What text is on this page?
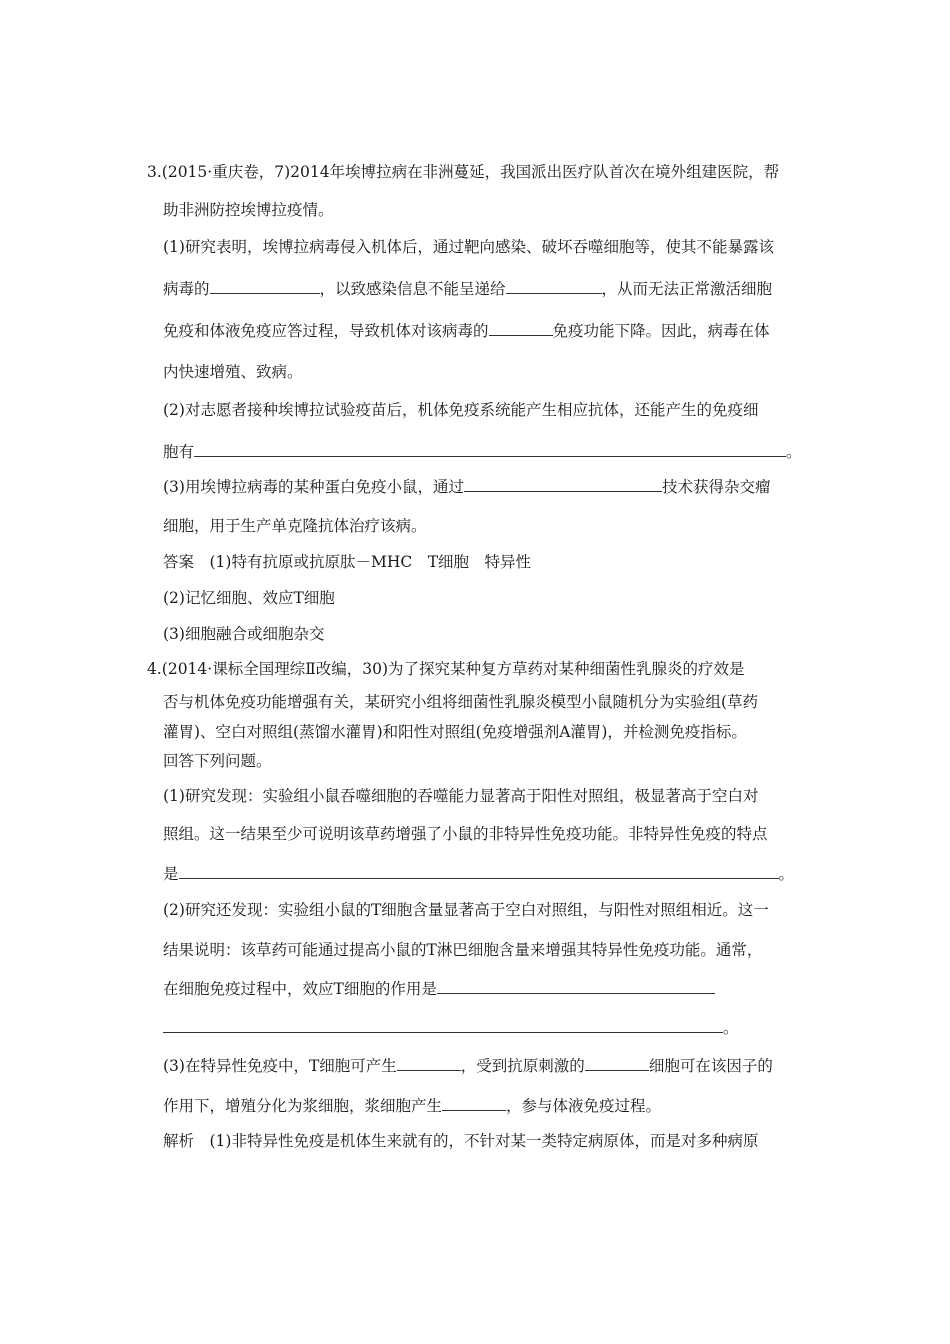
3.(2015·重庆卷，7)2014年埃博拉病在非洲蔓延，我国派出医疗队首次在境外组建医院，帮
助非洲防控埃博拉疫情。
(1)研究表明，埃博拉病毒侵入机体后，通过靶向感染、破坏吞噬细胞等，使其不能暴露该
病毒的	，以致感染信息不能呈递给	，从而无法正常激活细胞
免疫和体液免疫应答过程，导致机体对该病毒的	免疫功能下降。因此，病毒在体
内快速增殖、致病。
(2)对志愿者接种埃博拉试验疫苗后，机体免疫系统能产生相应抗体，还能产生的免疫细
胞有	。
(3)用埃博拉病毒的某种蛋白免疫小鼠，通过	技术获得杂交瘤
细胞，用于生产单克隆抗体治疗该病。
答案　(1)特有抗原或抗原肽－MHC　T细胞　特异性
(2)记忆细胞、效应T细胞
(3)细胞融合或细胞杂交
4.(2014·课标全国理综Ⅱ改编，30)为了探究某种复方草药对某种细菌性乳腺炎的疗效是
否与机体免疫功能增强有关，某研究小组将细菌性乳腺炎模型小鼠随机分为实验组(草药
灌胃)、空白对照组(蒸馏水灌胃)和阳性对照组(免疫增强剂A灌胃)，并检测免疫指标。
回答下列问题。
(1)研究发现：实验组小鼠吞噬细胞的吞噬能力显著高于阳性对照组，极显著高于空白对
照组。这一结果至少可说明该草药增强了小鼠的非特异性免疫功能。非特异性免疫的特点
是	。
(2)研究还发现：实验组小鼠的T细胞含量显著高于空白对照组，与阳性对照组相近。这一
结果说明：该草药可能通过提高小鼠的T淋巴细胞含量来增强其特异性免疫功能。通常，
在细胞免疫过程中，效应T细胞的作用是
。
(3)在特异性免疫中，T细胞可产生	，受到抗原刺激的	细胞可在该因子的
作用下，增殖分化为浆细胞，浆细胞产生	，参与体液免疫过程。
解析　(1)非特异性免疫是机体生来就有的，不针对某一类特定病原体，而是对多种病原
